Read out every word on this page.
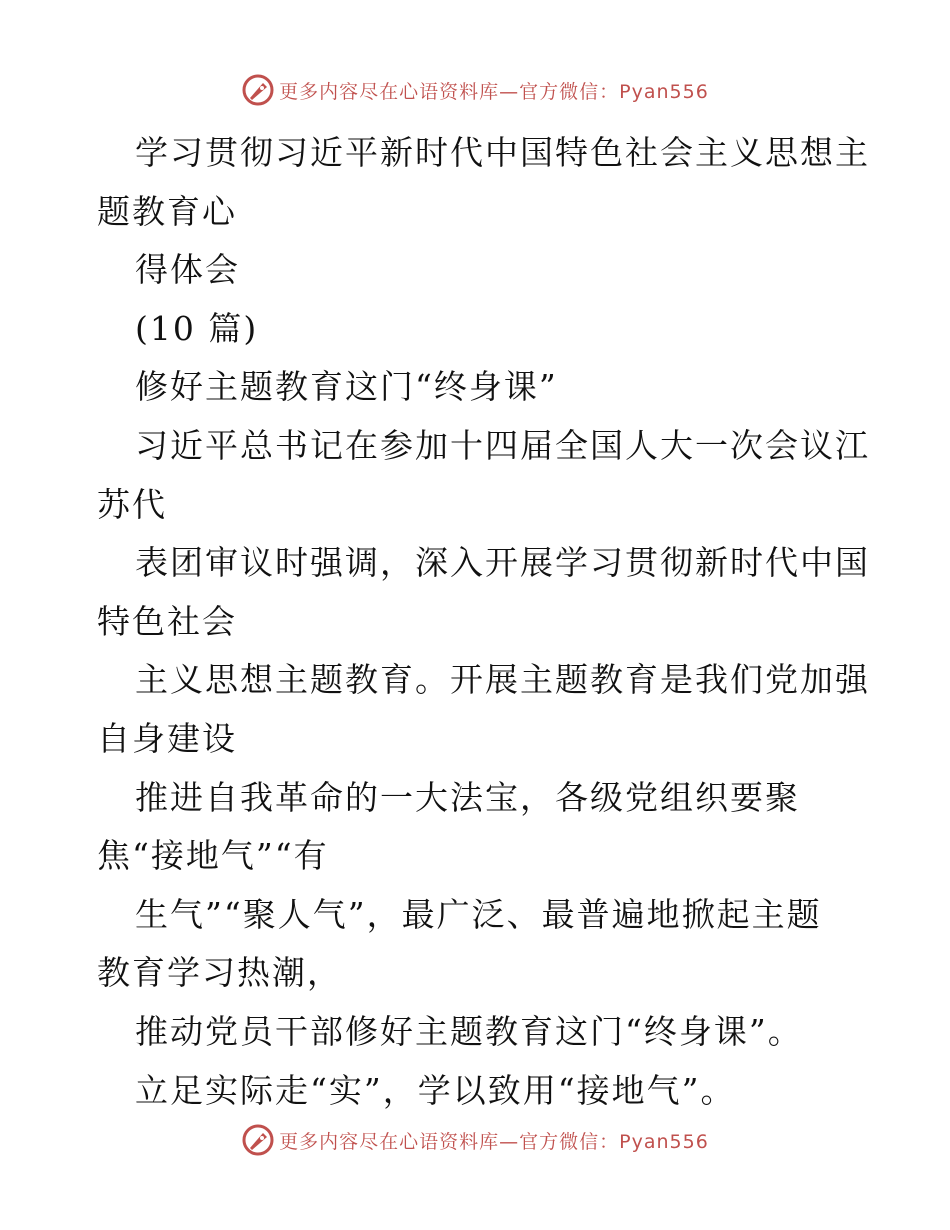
更多内容尽在心语资料库—官方微信：Pyan556
学习贯彻习近平新时代中国特色社会主义思想主
题教育心
得体会
(10 篇)
修好主题教育这门“终身课”
习近平总书记在参加十四届全国人大一次会议江
苏代
表团审议时强调，深入开展学习贯彻新时代中国
特色社会
主义思想主题教育。开展主题教育是我们党加强
自身建设
推进自我革命的一大法宝，各级党组织要聚
焦“接地气”“有
生气”“聚人气”，最广泛、最普遍地掀起主题
教育学习热潮，
推动党员干部修好主题教育这门“终身课”。
立足实际走“实”，学以致用“接地气”。
更多内容尽在心语资料库—官方微信：Pyan556
